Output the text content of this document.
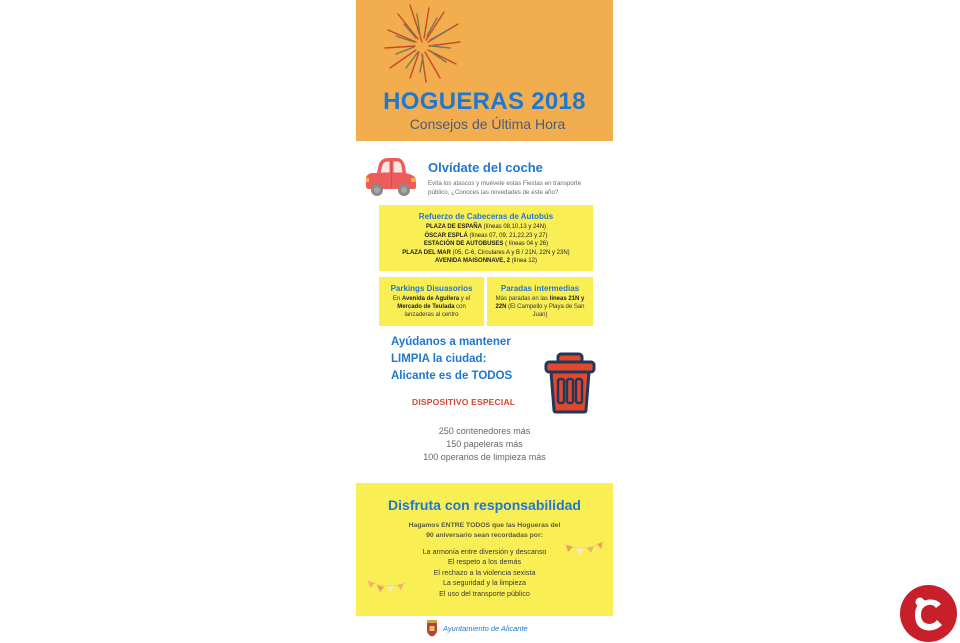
HOGUERAS 2018
Consejos de Última Hora
Olvídate del coche
Evita los atascos y muévete estas Fiestas en transporte público, ¿Conoces las novedades de este año?
Refuerzo de Cabeceras de Autobús
PLAZA DE ESPAÑA (líneas 08,10,13 y 24N)
ÓSCAR ESPLÁ (líneas 07, 09, 21,22,23 y 27)
ESTACIÓN DE AUTOBUSES ( líneas 04 y 26)
PLAZA DEL MAR (05, C-6, Circulares A y B / 21N, 22N y 23N)
AVENIDA MAISONNAVE, 2 (línea 12)
Parkings Disuasorios
En Avenida de Aguilera y el Mercado de Teulada con lanzaderas al centro
Paradas intermedias
Más paradas en las líneas 21N y 22N (El Campello y Playa de San Juan)
Ayúdanos a mantener
LIMPIA la ciudad:
Alicante es de TODOS
DISPOSITIVO ESPECIAL
250 contenedores más
150 papeleras más
100 operarios de limpieza más
Disfruta con responsabilidad
Hagamos ENTRE TODOS que las Hogueras del
90 aniversario sean recordadas por:
La armonía entre diversión y descanso
El respeto a los demás
El rechazo a la violencia sexista
La seguridad y la limpieza
El uso del transporte público
Ayuntamiento de Alicante
